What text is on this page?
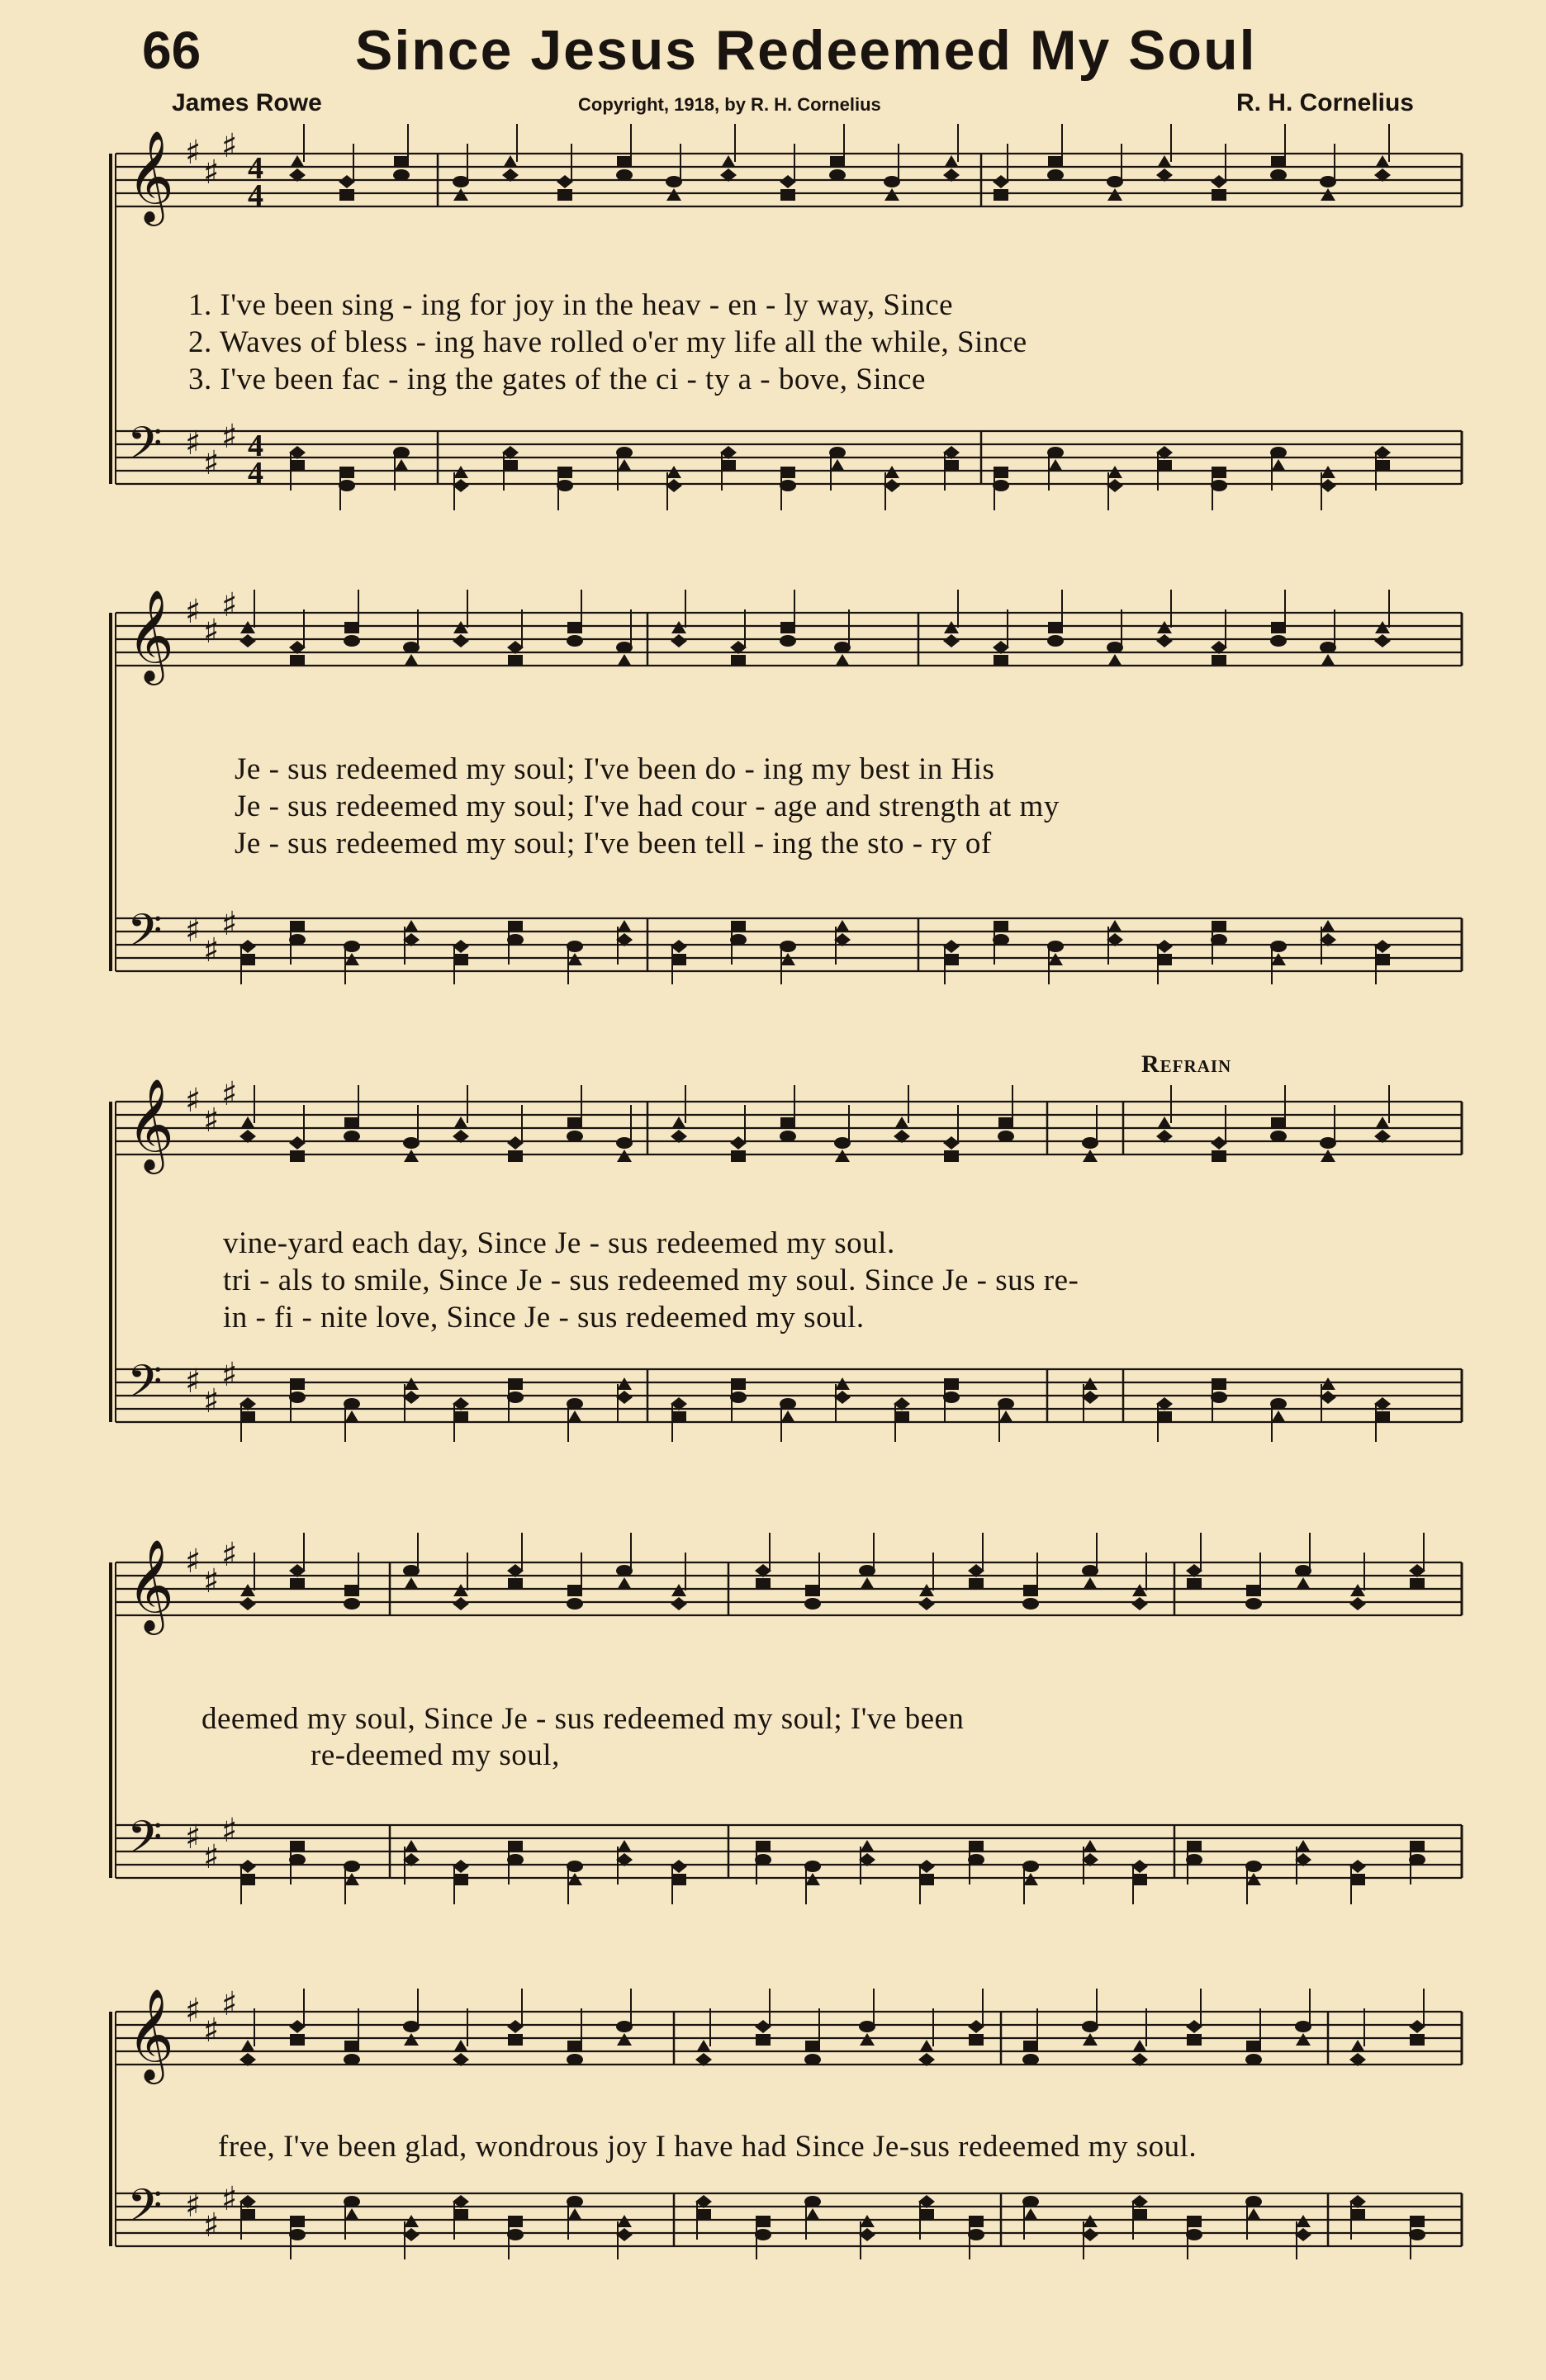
66	Since Jesus Redeemed My Soul
James Rowe	Copyright, 1918, by R. H. Cornelius	R. H. Cornelius
Refrain
𝄞 ♯
♯
♯
4
4
𝄢 ♯
♯
♯ 4
4
𝄞 ♯
♯
♯
𝄢 ♯
♯
♯
𝄞 ♯
♯
♯
𝄢 ♯
♯
♯
𝄞 ♯
♯
♯
𝄢 ♯
♯
♯
𝄞 ♯
♯
♯
𝄢 ♯
♯
♯
1. I've been sing - ing for joy in the heav - en - ly way, Since
2. Waves of bless - ing have rolled o'er my life all the while, Since
3. I've been fac - ing the gates of the ci - ty a - bove, Since
Je - sus redeemed my soul; I've been do - ing my best in His
Je - sus redeemed my soul; I've had cour - age and strength at my
Je - sus redeemed my soul; I've been tell - ing the sto - ry of
vine-yard each day, Since Je - sus redeemed my soul.
tri - als to smile, Since Je - sus redeemed my soul. Since Je - sus re-
in - fi - nite love, Since Je - sus redeemed my soul.
deemed my soul, Since Je - sus redeemed my soul; I've been
re-deemed my soul,
free, I've been glad, wondrous joy I have had Since Je-sus redeemed my soul.
